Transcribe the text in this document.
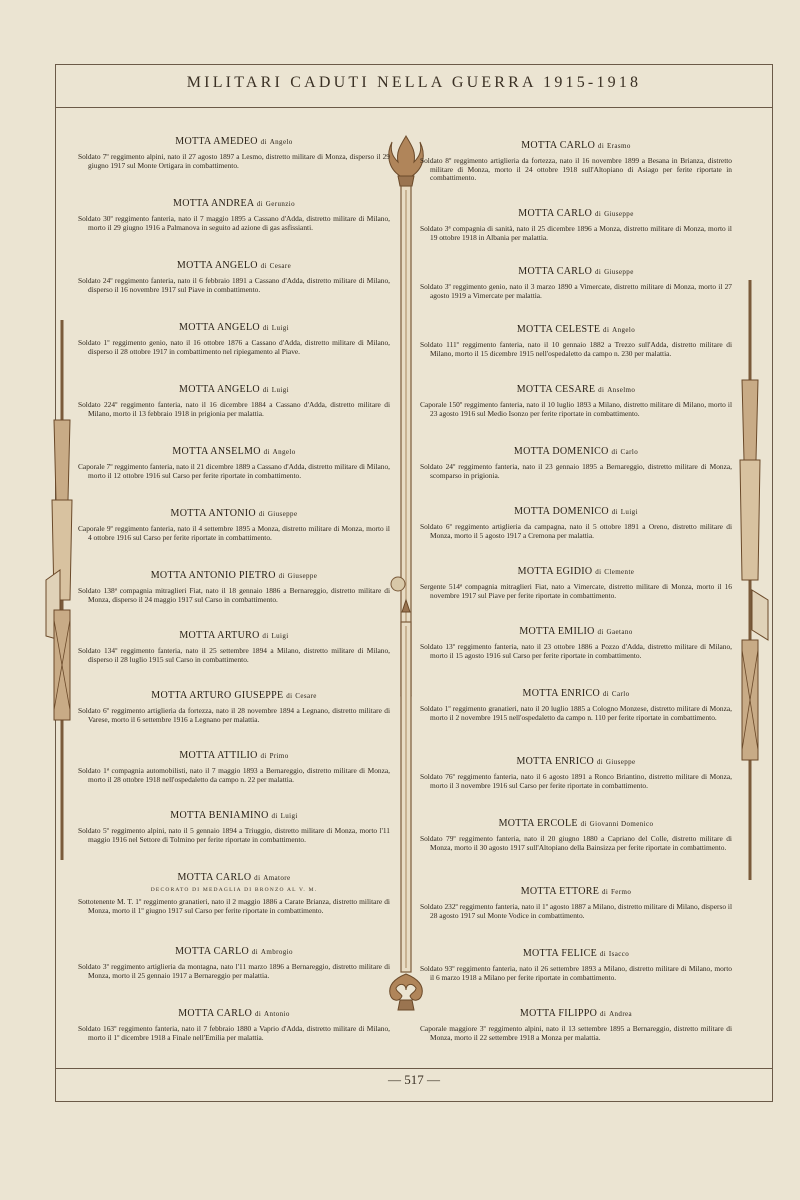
MILITARI CADUTI NELLA GUERRA 1915-1918
MOTTA AMEDEO di Angelo

Soldato 7º reggimento alpini, nato il 27 agosto 1897 a Lesmo, distretto militare di Monza, disperso il 29 giugno 1917 sul Monte Ortigara in combattimento.

MOTTA ANDREA di Gerunzio

Soldato 30º reggimento fanteria, nato il 7 maggio 1895 a Cassano d'Adda, distretto militare di Milano, morto il 29 giugno 1916 a Palmanova in seguito ad azione di gas asfissianti.

MOTTA ANGELO di Cesare

Soldato 24º reggimento fanteria, nato il 6 febbraio 1891 a Cassano d'Adda, distretto militare di Milano, disperso il 16 novembre 1917 sul Piave in combattimento.

MOTTA ANGELO di Luigi

Soldato 1º reggimento genio, nato il 16 ottobre 1876 a Cassano d'Adda, distretto militare di Milano, disperso il 28 ottobre 1917 in combattimento nel ripiegamento al Piave.

MOTTA ANGELO di Luigi

Soldato 224º reggimento fanteria, nato il 16 dicembre 1884 a Cassano d'Adda, distretto militare di Milano, morto il 13 febbraio 1918 in prigionia per malattia.

MOTTA ANSELMO di Angelo

Caporale 7º reggimento fanteria, nato il 21 dicembre 1889 a Cassano d'Adda, distretto militare di Milano, morto il 12 ottobre 1916 sul Carso per ferite riportate in combattimento.

MOTTA ANTONIO di Giuseppe

Caporale 9º reggimento fanteria, nato il 4 settembre 1895 a Monza, distretto militare di Monza, morto il 4 ottobre 1916 sul Carso per ferite riportate in combattimento.

MOTTA ANTONIO PIETRO di Giuseppe

Soldato 138ª compagnia mitraglieri Fiat, nato il 18 gennaio 1886 a Bernareggio, distretto militare di Monza, disperso il 24 maggio 1917 sul Carso in combattimento.

MOTTA ARTURO di Luigi

Soldato 134º reggimento fanteria, nato il 25 settembre 1894 a Milano, distretto militare di Milano, disperso il 28 luglio 1915 sul Carso in combattimento.

MOTTA ARTURO GIUSEPPE di Cesare

Soldato 6º reggimento artiglieria da fortezza, nato il 28 novembre 1894 a Legnano, distretto militare di Varese, morto il 6 settembre 1916 a Legnano per malattia.

MOTTA ATTILIO di Primo

Soldato 1ª compagnia automobilisti, nato il 7 maggio 1893 a Bernareggio, distretto militare di Monza, morto il 28 ottobre 1918 nell'ospedaletto da campo n. 22 per malattia.

MOTTA BENIAMINO di Luigi

Soldato 5º reggimento alpini, nato il 5 gennaio 1894 a Triuggio, distretto militare di Monza, morto l'11 maggio 1916 nel Settore di Tolmino per ferite riportate in combattimento.

MOTTA CARLO di Amatore
DECORATO DI MEDAGLIA DI BRONZO AL V. M.

Sottotenente M. T. 1º reggimento granatieri, nato il 2 maggio 1886 a Carate Brianza, distretto militare di Monza, morto il 1º giugno 1917 sul Carso per ferite riportate in combattimento.

MOTTA CARLO di Ambrogio

Soldato 3º reggimento artiglieria da montagna, nato l'11 marzo 1896 a Bernareggio, distretto militare di Monza, morto il 25 gennaio 1917 a Bernareggio per malattia.

MOTTA CARLO di Antonio

Soldato 163º reggimento fanteria, nato il 7 febbraio 1880 a Vaprio d'Adda, distretto militare di Milano, morto il 1º dicembre 1918 a Finale nell'Emilia per malattia.

MOTTA CARLO di Erasmo

Soldato 8º reggimento artiglieria da fortezza, nato il 16 novembre 1899 a Besana in Brianza, distretto militare di Monza, morto il 24 ottobre 1918 sull'Altopiano di Asiago per ferite riportate in combattimento.

MOTTA CARLO di Giuseppe

Soldato 3ª compagnia di sanità, nato il 25 dicembre 1896 a Monza, distretto militare di Monza, morto il 19 ottobre 1918 in Albania per malattia.

MOTTA CARLO di Giuseppe

Soldato 3º reggimento genio, nato il 3 marzo 1890 a Vimercate, distretto militare di Monza, morto il 27 agosto 1919 a Vimercate per malattia.

MOTTA CELESTE di Angelo

Soldato 111º reggimento fanteria, nato il 10 gennaio 1882 a Trezzo sull'Adda, distretto militare di Milano, morto il 15 dicembre 1915 nell'ospedaletto da campo n. 230 per malattia.

MOTTA CESARE di Anselmo

Caporale 150º reggimento fanteria, nato il 10 luglio 1893 a Milano, distretto militare di Milano, morto il 23 agosto 1916 sul Medio Isonzo per ferite riportate in combattimento.

MOTTA DOMENICO di Carlo

Soldato 24º reggimento fanteria, nato il 23 gennaio 1895 a Bernareggio, distretto militare di Monza, scomparso in prigionia.

MOTTA DOMENICO di Luigi

Soldato 6º reggimento artiglieria da campagna, nato il 5 ottobre 1891 a Oreno, distretto militare di Monza, morto il 5 agosto 1917 a Cremona per malattia.

MOTTA EGIDIO di Clemente

Sergente 514ª compagnia mitraglieri Fiat, nato a Vimercate, distretto militare di Monza, morto il 16 novembre 1917 sul Piave per ferite riportate in combattimento.

MOTTA EMILIO di Gaetano

Soldato 13º reggimento fanteria, nato il 23 ottobre 1886 a Pozzo d'Adda, distretto militare di Milano, morto il 15 agosto 1916 sul Carso per ferite riportate in combattimento.

MOTTA ENRICO di Carlo

Soldato 1º reggimento granatieri, nato il 20 luglio 1885 a Cologno Monzese, distretto militare di Monza, morto il 2 novembre 1915 nell'ospedaletto da campo n. 110 per ferite riportate in combattimento.

MOTTA ENRICO di Giuseppe

Soldato 76º reggimento fanteria, nato il 6 agosto 1891 a Ronco Briantino, distretto militare di Monza, morto il 3 novembre 1916 sul Carso per ferite riportate in combattimento.

MOTTA ERCOLE di Giovanni Domenico

Soldato 79º reggimento fanteria, nato il 20 giugno 1880 a Capriano del Colle, distretto militare di Monza, morto il 30 agosto 1917 sull'Altopiano della Bainsizza per ferite riportate in combattimento.

MOTTA ETTORE di Fermo

Soldato 232º reggimento fanteria, nato il 1º agosto 1887 a Milano, distretto militare di Milano, disperso il 28 agosto 1917 sul Monte Vodice in combattimento.

MOTTA FELICE di Isacco

Soldato 93º reggimento fanteria, nato il 26 settembre 1893 a Milano, distretto militare di Milano, morto il 6 marzo 1918 a Milano per ferite riportate in combattimento.

MOTTA FILIPPO di Andrea

Caporale maggiore 3º reggimento alpini, nato il 13 settembre 1895 a Bernareggio, distretto militare di Monza, morto il 22 settembre 1918 a Monza per malattia.

— 517 —
